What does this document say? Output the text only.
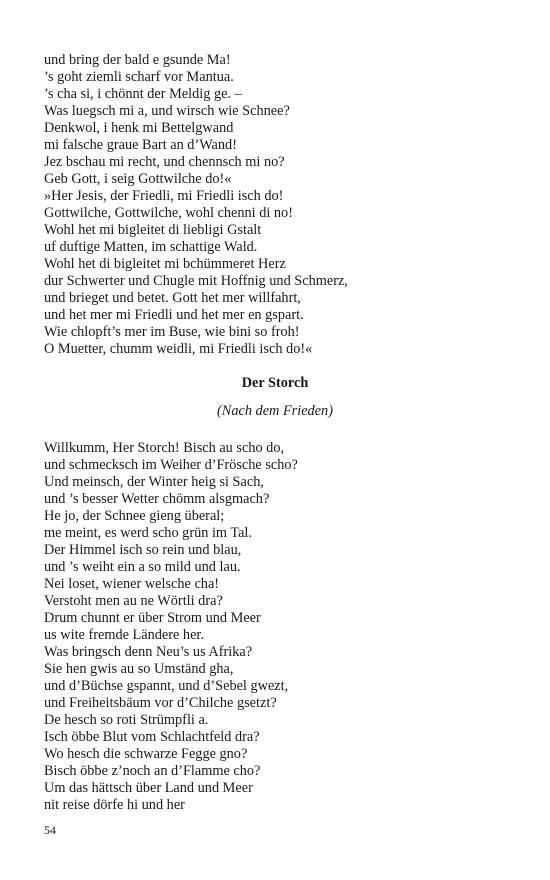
und bring der bald e gsunde Ma!
’s goht ziemli scharf vor Mantua.
’s cha si, i chönnt der Meldig ge. –
Was luegsch mi a, und wirsch wie Schnee?
Denkwol, i henk mi Bettelgwand
mi falsche graue Bart an d’Wand!
Jez bschau mi recht, und chennsch mi no?
Geb Gott, i seig Gottwilche do!«
»Her Jesis, der Friedli, mi Friedli isch do!
Gottwilche, Gottwilche, wohl chenni di no!
Wohl het mi bigleitet di liebligi Gstalt
uf duftige Matten, im schattige Wald.
Wohl het di bigleitet mi bchümmeret Herz
dur Schwerter und Chugle mit Hoffnig und Schmerz,
und brieget und betet. Gott het mer willfahrt,
und het mer mi Friedli und het mer en gspart.
Wie chlopft’s mer im Buse, wie bini so froh!
O Muetter, chumm weidli, mi Friedli isch do!«
Der Storch
(Nach dem Frieden)
Willkumm, Her Storch! Bisch au scho do,
und schmecksch im Weiher d’Frösche scho?
Und meinsch, der Winter heig si Sach,
und ’s besser Wetter chömm alsgmach?
He jo, der Schnee gieng überal;
me meint, es werd scho grün im Tal.
Der Himmel isch so rein und blau,
und ’s weiht ein a so mild und lau.
Nei loset, wiener welsche cha!
Verstoht men au ne Wörtli dra?
Drum chunnt er über Strom und Meer
us wite fremde Ländere her.
Was bringsch denn Neu’s us Afrika?
Sie hen gwis au so Umständ gha,
und d’Büchse gspannt, und d’Sebel gwezt,
und Freiheitsbäum vor d’Chilche gsetzt?
De hesch so roti Strümpfli a.
Isch öbbe Blut vom Schlachtfeld dra?
Wo hesch die schwarze Fegge gno?
Bisch öbbe z’noch an d’Flamme cho?
Um das hättsch über Land und Meer
nit reise dörfe hi und her
54
